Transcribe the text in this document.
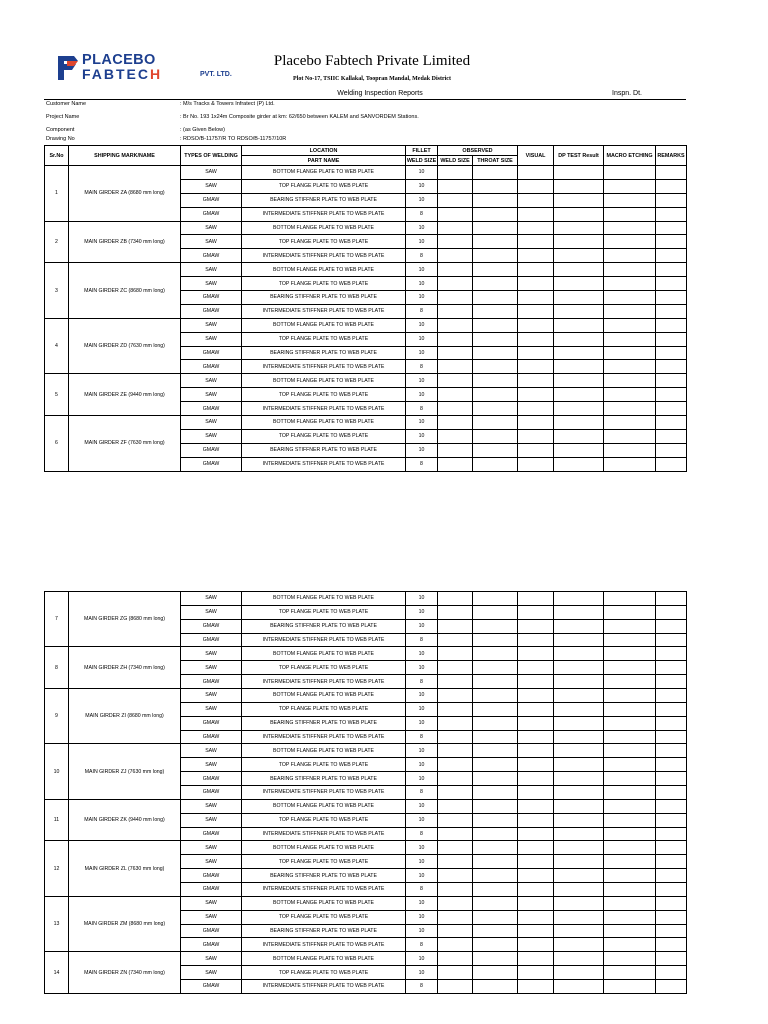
PLACEBO
FABTECH	PVT. LTD.
Placebo Fabtech Private Limited
Plot No-17, TSIIC Kallakal, Toopran Mandal, Medak District
Welding Inspection Reports	Inspn. Dt.
Customer Name	: M/s Tracks & Towers Infratect (P) Ltd.
Project Name	: Br No. 193 1x24m Composite girder at km: 62/650 between KALEM and SANVORDEM Stations.
Component	: (as Given Below)
Drawing No	: RDSO/B-11757/R TO RDSO/B-11757/10R
Sr.No	SHIPPING MARK/NAME	TYPES OF WELDING	LOCATION	FILLET	OBSERVED		VISUAL	DP TEST Result	MACRO ETCHING	REMARKS
			PART NAME	WELD SIZE	WELD SIZE	THROAT SIZE				
1	MAIN GIRDER ZA (8680 mm long)	SAW	BOTTOM FLANGE PLATE TO WEB PLATE	10						
		SAW	TOP FLANGE PLATE TO WEB PLATE	10						
		GMAW	BEARING STIFFNER PLATE TO WEB PLATE	10						
		GMAW	INTERMEDIATE STIFFNER PLATE TO WEB PLATE	8						
2	MAIN GIRDER ZB (7340 mm long)	SAW	BOTTOM FLANGE PLATE TO WEB PLATE	10						
		SAW	TOP FLANGE PLATE TO WEB PLATE	10						
		GMAW	INTERMEDIATE STIFFNER PLATE TO WEB PLATE	8						
3	MAIN GIRDER ZC (8680 mm long)	SAW	BOTTOM FLANGE PLATE TO WEB PLATE	10						
		SAW	TOP FLANGE PLATE TO WEB PLATE	10						
		GMAW	BEARING STIFFNER PLATE TO WEB PLATE	10						
		GMAW	INTERMEDIATE STIFFNER PLATE TO WEB PLATE	8						
4	MAIN GIRDER ZD (7630 mm long)	SAW	BOTTOM FLANGE PLATE TO WEB PLATE	10						
		SAW	TOP FLANGE PLATE TO WEB PLATE	10						
		GMAW	BEARING STIFFNER PLATE TO WEB PLATE	10						
		GMAW	INTERMEDIATE STIFFNER PLATE TO WEB PLATE	8						
5	MAIN GIRDER ZE (9440 mm long)	SAW	BOTTOM FLANGE PLATE TO WEB PLATE	10						
		SAW	TOP FLANGE PLATE TO WEB PLATE	10						
		GMAW	INTERMEDIATE STIFFNER PLATE TO WEB PLATE	8						
6	MAIN GIRDER ZF (7630 mm long)	SAW	BOTTOM FLANGE PLATE TO WEB PLATE	10						
		SAW	TOP FLANGE PLATE TO WEB PLATE	10						
		GMAW	BEARING STIFFNER PLATE TO WEB PLATE	10						
		GMAW	INTERMEDIATE STIFFNER PLATE TO WEB PLATE	8						
7	MAIN GIRDER ZG (8680 mm long)	SAW	BOTTOM FLANGE PLATE TO WEB PLATE	10						
		SAW	TOP FLANGE PLATE TO WEB PLATE	10						
		GMAW	BEARING STIFFNER PLATE TO WEB PLATE	10						
		GMAW	INTERMEDIATE STIFFNER PLATE TO WEB PLATE	8						
8	MAIN GIRDER ZH (7340 mm long)	SAW	BOTTOM FLANGE PLATE TO WEB PLATE	10						
		SAW	TOP FLANGE PLATE TO WEB PLATE	10						
		GMAW	INTERMEDIATE STIFFNER PLATE TO WEB PLATE	8						
9	MAIN GIRDER ZI (8680 mm long)	SAW	BOTTOM FLANGE PLATE TO WEB PLATE	10						
		SAW	TOP FLANGE PLATE TO WEB PLATE	10						
		GMAW	BEARING STIFFNER PLATE TO WEB PLATE	10						
		GMAW	INTERMEDIATE STIFFNER PLATE TO WEB PLATE	8						
10	MAIN GIRDER ZJ (7630 mm long)	SAW	BOTTOM FLANGE PLATE TO WEB PLATE	10						
		SAW	TOP FLANGE PLATE TO WEB PLATE	10						
		GMAW	BEARING STIFFNER PLATE TO WEB PLATE	10						
		GMAW	INTERMEDIATE STIFFNER PLATE TO WEB PLATE	8						
11	MAIN GIRDER ZK (9440 mm long)	SAW	BOTTOM FLANGE PLATE TO WEB PLATE	10						
		SAW	TOP FLANGE PLATE TO WEB PLATE	10						
		GMAW	INTERMEDIATE STIFFNER PLATE TO WEB PLATE	8						
12	MAIN GIRDER ZL (7630 mm long)	SAW	BOTTOM FLANGE PLATE TO WEB PLATE	10						
		SAW	TOP FLANGE PLATE TO WEB PLATE	10						
		GMAW	BEARING STIFFNER PLATE TO WEB PLATE	10						
		GMAW	INTERMEDIATE STIFFNER PLATE TO WEB PLATE	8						
13	MAIN GIRDER ZM (8680 mm long)	SAW	BOTTOM FLANGE PLATE TO WEB PLATE	10						
		SAW	TOP FLANGE PLATE TO WEB PLATE	10						
		GMAW	BEARING STIFFNER PLATE TO WEB PLATE	10						
		GMAW	INTERMEDIATE STIFFNER PLATE TO WEB PLATE	8						
14	MAIN GIRDER ZN (7340 mm long)	SAW	BOTTOM FLANGE PLATE TO WEB PLATE	10						
		SAW	TOP FLANGE PLATE TO WEB PLATE	10						
		GMAW	INTERMEDIATE STIFFNER PLATE TO WEB PLATE	8						
